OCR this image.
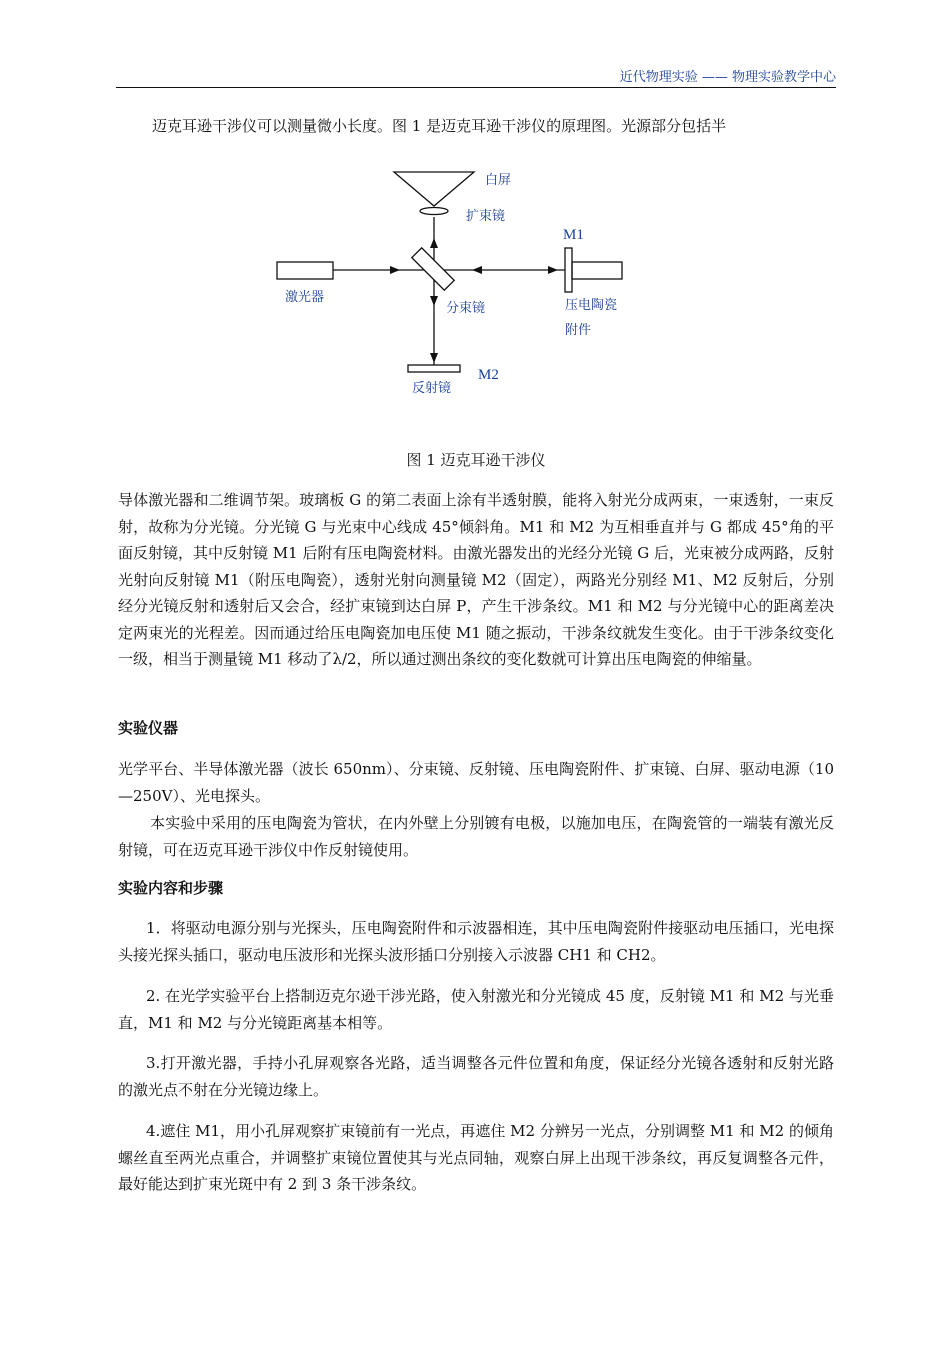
近代物理实验 —— 物理实验教学中心

迈克耳逊干涉仪可以测量微小长度。图 1 是迈克耳逊干涉仪的原理图。光源部分包括半

白屏
扩束镜
M1
激光器
分束镜	压电陶瓷
附件
M2
反射镜
图 1 迈克耳逊干涉仪

导体激光器和二维调节架。玻璃板 G 的第二表面上涂有半透射膜，能将入射光分成两束，一束透射，一束反射，故称为分光镜。分光镜 G 与光束中心线成 45°倾斜角。M1 和 M2 为互相垂直并与 G 都成 45°角的平面反射镜，其中反射镜 M1 后附有压电陶瓷材料。由激光器发出的光经分光镜 G 后，光束被分成两路，反射光射向反射镜 M1（附压电陶瓷），透射光射向测量镜 M2（固定），两路光分别经 M1、M2 反射后，分别经分光镜反射和透射后又会合，经扩束镜到达白屏 P，产生干涉条纹。M1 和 M2 与分光镜中心的距离差决定两束光的光程差。因而通过给压电陶瓷加电压使 M1 随之振动，干涉条纹就发生变化。由于干涉条纹变化一级，相当于测量镜 M1 移动了λ/2，所以通过测出条纹的变化数就可计算出压电陶瓷的伸缩量。

实验仪器

光学平台、半导体激光器（波长 650nm）、分束镜、反射镜、压电陶瓷附件、扩束镜、白屏、驱动电源（10—250V）、光电探头。

本实验中采用的压电陶瓷为管状，在内外壁上分别镀有电极，以施加电压，在陶瓷管的一端装有激光反射镜，可在迈克耳逊干涉仪中作反射镜使用。

实验内容和步骤

1．将驱动电源分别与光探头，压电陶瓷附件和示波器相连，其中压电陶瓷附件接驱动电压插口，光电探头接光探头插口，驱动电压波形和光探头波形插口分别接入示波器 CH1 和 CH2。

2. 在光学实验平台上搭制迈克尔逊干涉光路，使入射激光和分光镜成 45 度，反射镜 M1 和 M2 与光垂直，M1 和 M2 与分光镜距离基本相等。

3.打开激光器，手持小孔屏观察各光路，适当调整各元件位置和角度，保证经分光镜各透射和反射光路的激光点不射在分光镜边缘上。

4.遮住 M1，用小孔屏观察扩束镜前有一光点，再遮住 M2 分辨另一光点，分别调整 M1 和 M2 的倾角螺丝直至两光点重合，并调整扩束镜位置使其与光点同轴，观察白屏上出现干涉条纹，再反复调整各元件，最好能达到扩束光斑中有 2 到 3 条干涉条纹。
